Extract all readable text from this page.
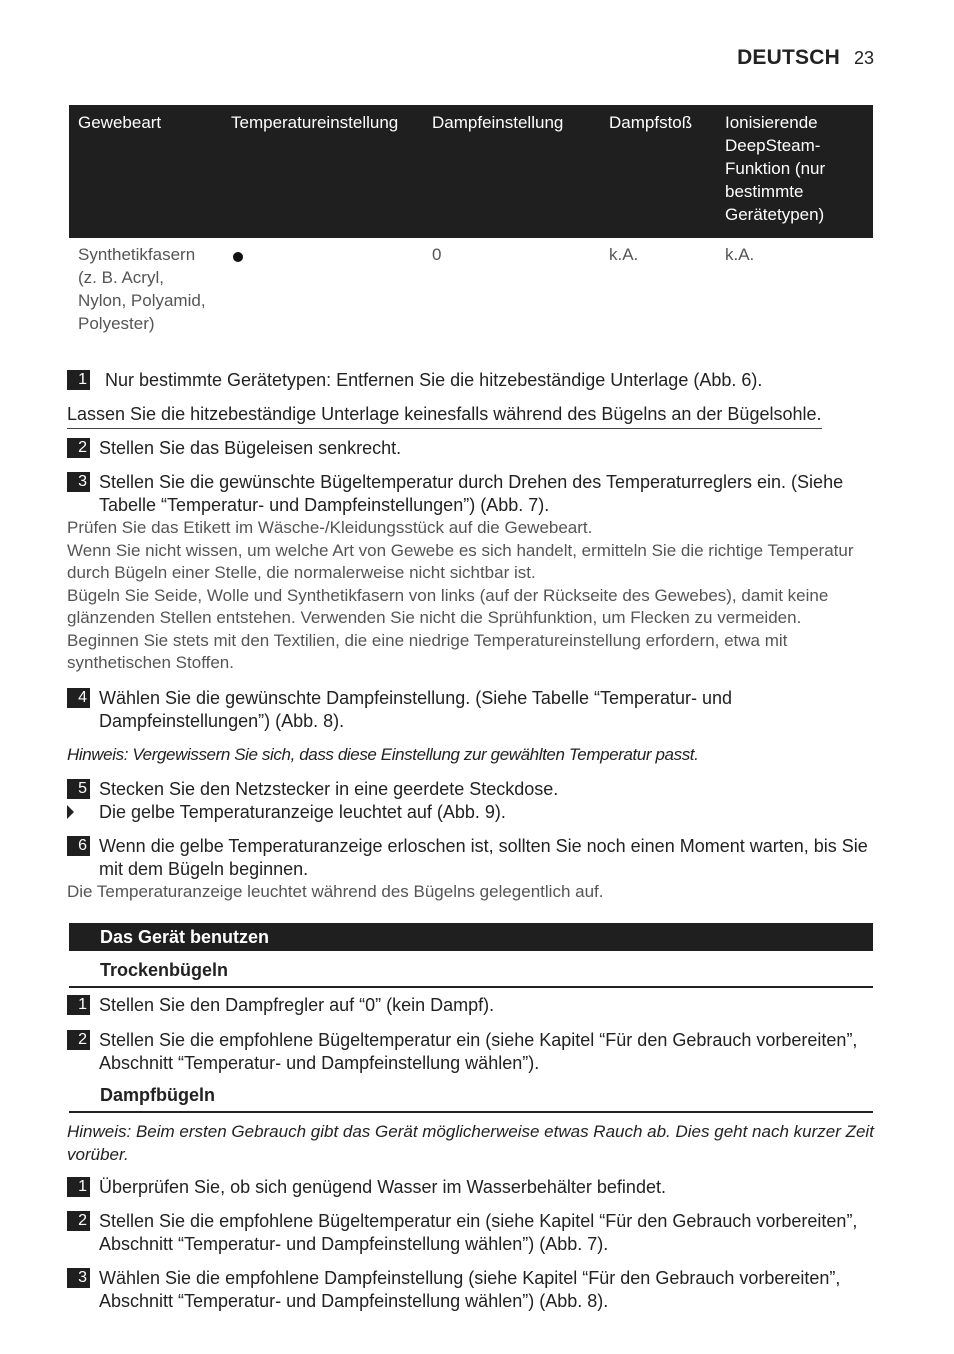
DEUTSCH 23
Gewebeart	Temperatureinstellung	Dampfeinstellung	Dampfstoß	Ionisierende DeepSteam-Funktion (nur bestimmte Gerätetypen)
Synthetikfasern (z. B. Acryl, Nylon, Polyamid, Polyester)		0	k.A.	k.A.
1 Nur bestimmte Gerätetypen: Entfernen Sie die hitzebeständige Unterlage (Abb. 6).
Lassen Sie die hitzebeständige Unterlage keinesfalls während des Bügelns an der Bügelsohle.
2 Stellen Sie das Bügeleisen senkrecht.
3 Stellen Sie die gewünschte Bügeltemperatur durch Drehen des Temperaturreglers ein. (Siehe Tabelle “Temperatur- und Dampfeinstellungen”) (Abb. 7).
Prüfen Sie das Etikett im Wäsche-/Kleidungsstück auf die Gewebeart.
Wenn Sie nicht wissen, um welche Art von Gewebe es sich handelt, ermitteln Sie die richtige Temperatur durch Bügeln einer Stelle, die normalerweise nicht sichtbar ist.
Bügeln Sie Seide, Wolle und Synthetikfasern von links (auf der Rückseite des Gewebes), damit keine glänzenden Stellen entstehen. Verwenden Sie nicht die Sprühfunktion, um Flecken zu vermeiden.
Beginnen Sie stets mit den Textilien, die eine niedrige Temperatureinstellung erfordern, etwa mit synthetischen Stoffen.
4 Wählen Sie die gewünschte Dampfeinstellung. (Siehe Tabelle “Temperatur- und Dampfeinstellungen”) (Abb. 8).
Hinweis: Vergewissern Sie sich, dass diese Einstellung zur gewählten Temperatur passt.
5 Stecken Sie den Netzstecker in eine geerdete Steckdose.
Die gelbe Temperaturanzeige leuchtet auf (Abb. 9).
6 Wenn die gelbe Temperaturanzeige erloschen ist, sollten Sie noch einen Moment warten, bis Sie mit dem Bügeln beginnen.
Die Temperaturanzeige leuchtet während des Bügelns gelegentlich auf.
Das Gerät benutzen
Trockenbügeln
1 Stellen Sie den Dampfregler auf “0” (kein Dampf).
2 Stellen Sie die empfohlene Bügeltemperatur ein (siehe Kapitel “Für den Gebrauch vorbereiten”, Abschnitt “Temperatur- und Dampfeinstellung wählen”).
Dampfbügeln
Hinweis: Beim ersten Gebrauch gibt das Gerät möglicherweise etwas Rauch ab. Dies geht nach kurzer Zeit vorüber.
1 Überprüfen Sie, ob sich genügend Wasser im Wasserbehälter befindet.
2 Stellen Sie die empfohlene Bügeltemperatur ein (siehe Kapitel “Für den Gebrauch vorbereiten”, Abschnitt “Temperatur- und Dampfeinstellung wählen”) (Abb. 7).
3 Wählen Sie die empfohlene Dampfeinstellung (siehe Kapitel “Für den Gebrauch vorbereiten”, Abschnitt “Temperatur- und Dampfeinstellung wählen”) (Abb. 8).
